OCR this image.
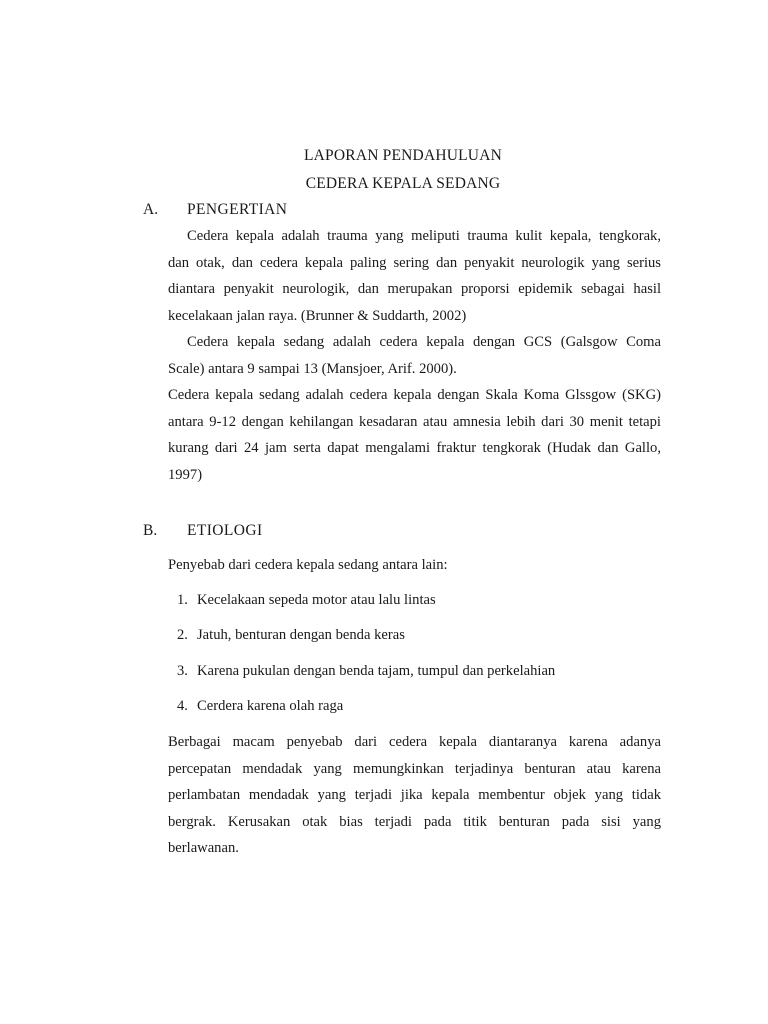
LAPORAN PENDAHULUAN
CEDERA KEPALA SEDANG
A. PENGERTIAN
Cedera kepala adalah trauma yang meliputi trauma kulit kepala, tengkorak,
dan otak, dan cedera kepala paling sering dan penyakit neurologik yang serius
diantara penyakit neurologik, dan merupakan proporsi epidemik sebagai hasil
kecelakaan jalan raya. (Brunner & Suddarth, 2002)
Cedera kepala sedang adalah cedera kepala dengan GCS (Galsgow Coma
Scale) antara 9 sampai 13 (Mansjoer, Arif. 2000).
Cedera kepala sedang adalah cedera kepala dengan Skala Koma Glssgow (SKG)
antara 9-12 dengan kehilangan kesadaran atau amnesia lebih dari 30 menit tetapi
kurang dari 24 jam serta dapat mengalami fraktur tengkorak (Hudak dan Gallo,
1997)
B. ETIOLOGI
Penyebab dari cedera kepala sedang antara lain:
1. Kecelakaan sepeda motor atau lalu lintas
2. Jatuh, benturan dengan benda keras
3. Karena pukulan dengan benda tajam, tumpul dan perkelahian
4. Cerdera karena olah raga
Berbagai macam penyebab dari cedera kepala diantaranya karena adanya
percepatan mendadak yang memungkinkan terjadinya benturan atau karena
perlambatan mendadak yang terjadi jika kepala membentur objek yang tidak
bergrak. Kerusakan otak bias terjadi pada titik benturan pada sisi yang
berlawanan.
